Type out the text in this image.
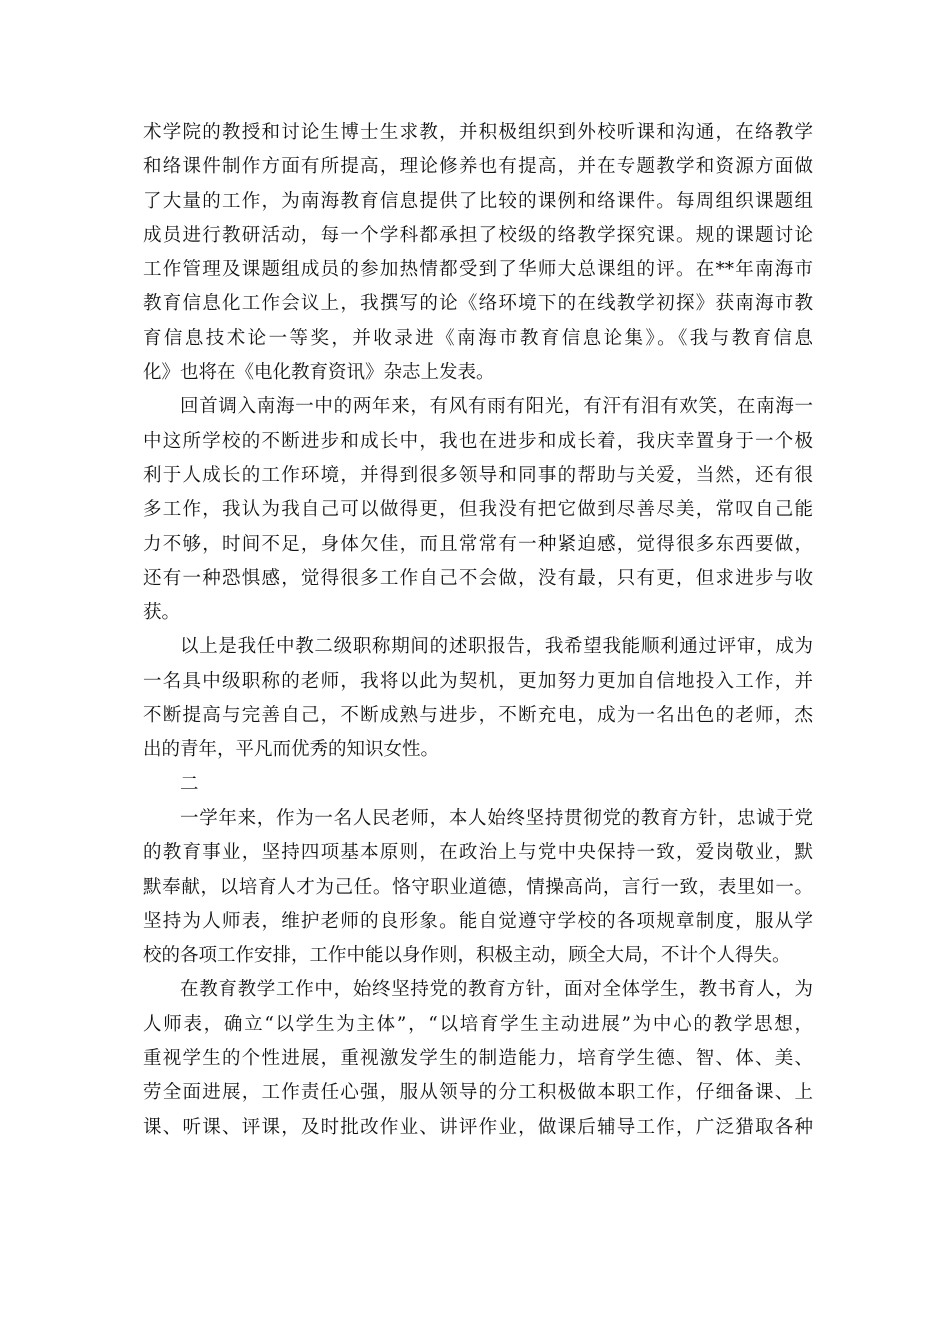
术学院的教授和讨论生博士生求教，并积极组织到外校听课和沟通，在络教学
和络课件制作方面有所提高，理论修养也有提高，并在专题教学和资源方面做
了大量的工作，为南海教育信息提供了比较的课例和络课件。每周组织课题组
成员进行教研活动，每一个学科都承担了校级的络教学探究课。规的课题讨论
工作管理及课题组成员的参加热情都受到了华师大总课组的评。在**年南海市
教育信息化工作会议上，我撰写的论《络环境下的在线教学初探》获南海市教
育信息技术论一等奖，并收录进《南海市教育信息论集》。《我与教育信息
化》也将在《电化教育资讯》杂志上发表。

回首调入南海一中的两年来，有风有雨有阳光，有汗有泪有欢笑，在南海一
中这所学校的不断进步和成长中，我也在进步和成长着，我庆幸置身于一个极
利于人成长的工作环境，并得到很多领导和同事的帮助与关爱，当然，还有很
多工作，我认为我自己可以做得更，但我没有把它做到尽善尽美，常叹自己能
力不够，时间不足，身体欠佳，而且常常有一种紧迫感，觉得很多东西要做，
还有一种恐惧感，觉得很多工作自己不会做，没有最，只有更，但求进步与收
获。

以上是我任中教二级职称期间的述职报告，我希望我能顺利通过评审，成为
一名具中级职称的老师，我将以此为契机，更加努力更加自信地投入工作，并
不断提高与完善自己，不断成熟与进步，不断充电，成为一名出色的老师，杰
出的青年，平凡而优秀的知识女性。

二

一学年来，作为一名人民老师，本人始终坚持贯彻党的教育方针，忠诚于党
的教育事业，坚持四项基本原则，在政治上与党中央保持一致，爱岗敬业，默
默奉献，以培育人才为己任。恪守职业道德，情操高尚，言行一致，表里如一。
坚持为人师表，维护老师的良形象。能自觉遵守学校的各项规章制度，服从学
校的各项工作安排，工作中能以身作则，积极主动，顾全大局，不计个人得失。

在教育教学工作中，始终坚持党的教育方针，面对全体学生，教书育人，为
人师表，确立“以学生为主体”，“以培育学生主动进展”为中心的教学思想，
重视学生的个性进展，重视激发学生的制造能力，培育学生德、智、体、美、
劳全面进展，工作责任心强，服从领导的分工积极做本职工作，仔细备课、上
课、听课、评课，及时批改作业、讲评作业，做课后辅导工作，广泛猎取各种
